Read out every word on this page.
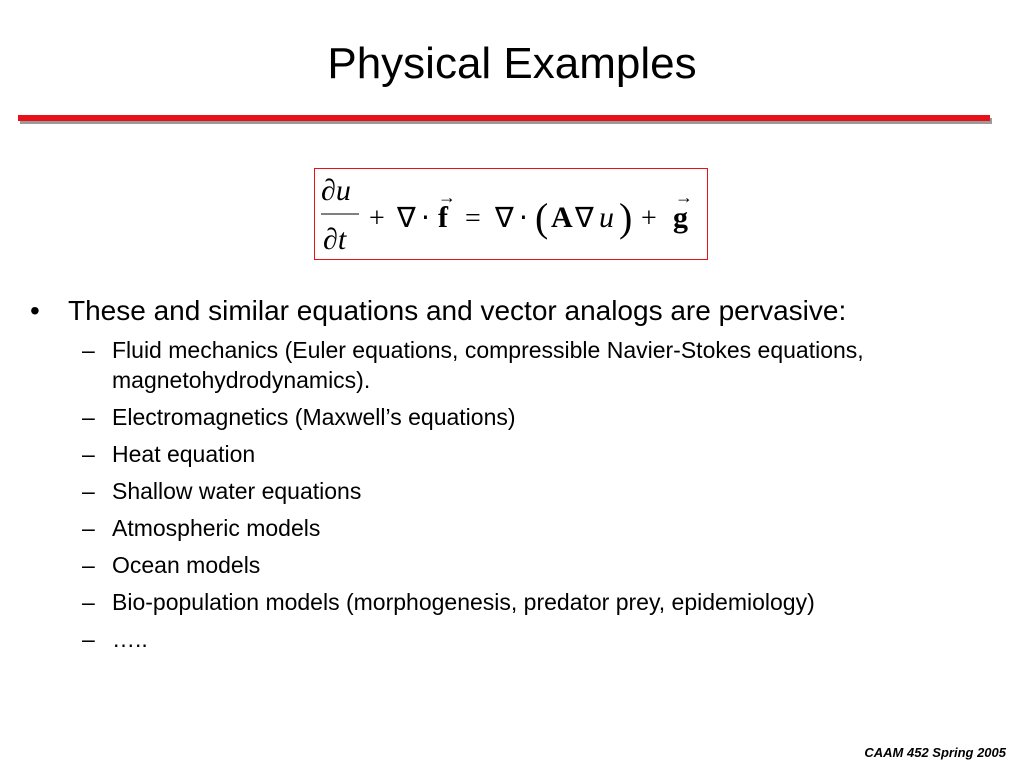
Physical Examples
∂u
∂t
+ ∇ ⋅
→
f = ∇ ⋅ ( A ∇ u ) +
→
g
• These and similar equations and vector analogs are pervasive:
– Fluid mechanics (Euler equations, compressible Navier-Stokes equations, magnetohydrodynamics).
– Electromagnetics (Maxwell’s equations)
– Heat equation
– Shallow water equations
– Atmospheric models
– Ocean models
– Bio-population models (morphogenesis, predator prey, epidemiology)
– …..
CAAM 452 Spring 2005
